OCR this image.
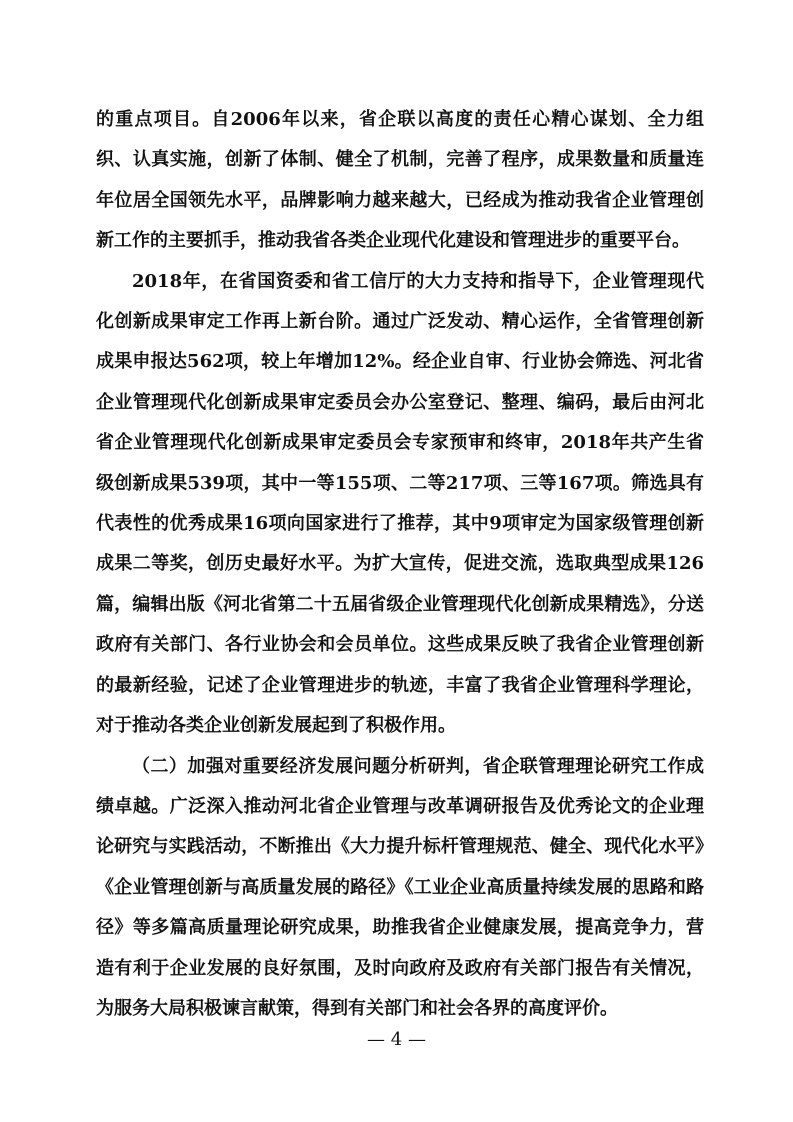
的重点项目。自2006年以来，省企联以高度的责任心精心谋划、全力组织、认真实施，创新了体制、健全了机制，完善了程序，成果数量和质量连年位居全国领先水平，品牌影响力越来越大，已经成为推动我省企业管理创新工作的主要抓手，推动我省各类企业现代化建设和管理进步的重要平台。

2018年，在省国资委和省工信厅的大力支持和指导下，企业管理现代化创新成果审定工作再上新台阶。通过广泛发动、精心运作，全省管理创新成果申报达562项，较上年增加12%。经企业自审、行业协会筛选、河北省企业管理现代化创新成果审定委员会办公室登记、整理、编码，最后由河北省企业管理现代化创新成果审定委员会专家预审和终审，2018年共产生省级创新成果539项，其中一等155项、二等217项、三等167项。筛选具有代表性的优秀成果16项向国家进行了推荐，其中9项审定为国家级管理创新成果二等奖，创历史最好水平。为扩大宣传，促进交流，选取典型成果126篇，编辑出版《河北省第二十五届省级企业管理现代化创新成果精选》，分送政府有关部门、各行业协会和会员单位。这些成果反映了我省企业管理创新的最新经验，记述了企业管理进步的轨迹，丰富了我省企业管理科学理论，对于推动各类企业创新发展起到了积极作用。

（二）加强对重要经济发展问题分析研判，省企联管理理论研究工作成绩卓越。广泛深入推动河北省企业管理与改革调研报告及优秀论文的企业理论研究与实践活动，不断推出《大力提升标杆管理规范、健全、现代化水平》《企业管理创新与高质量发展的路径》《工业企业高质量持续发展的思路和路径》等多篇高质量理论研究成果，助推我省企业健康发展，提高竞争力，营造有利于企业发展的良好氛围，及时向政府及政府有关部门报告有关情况，为服务大局积极谏言献策，得到有关部门和社会各界的高度评价。

— 4 —
